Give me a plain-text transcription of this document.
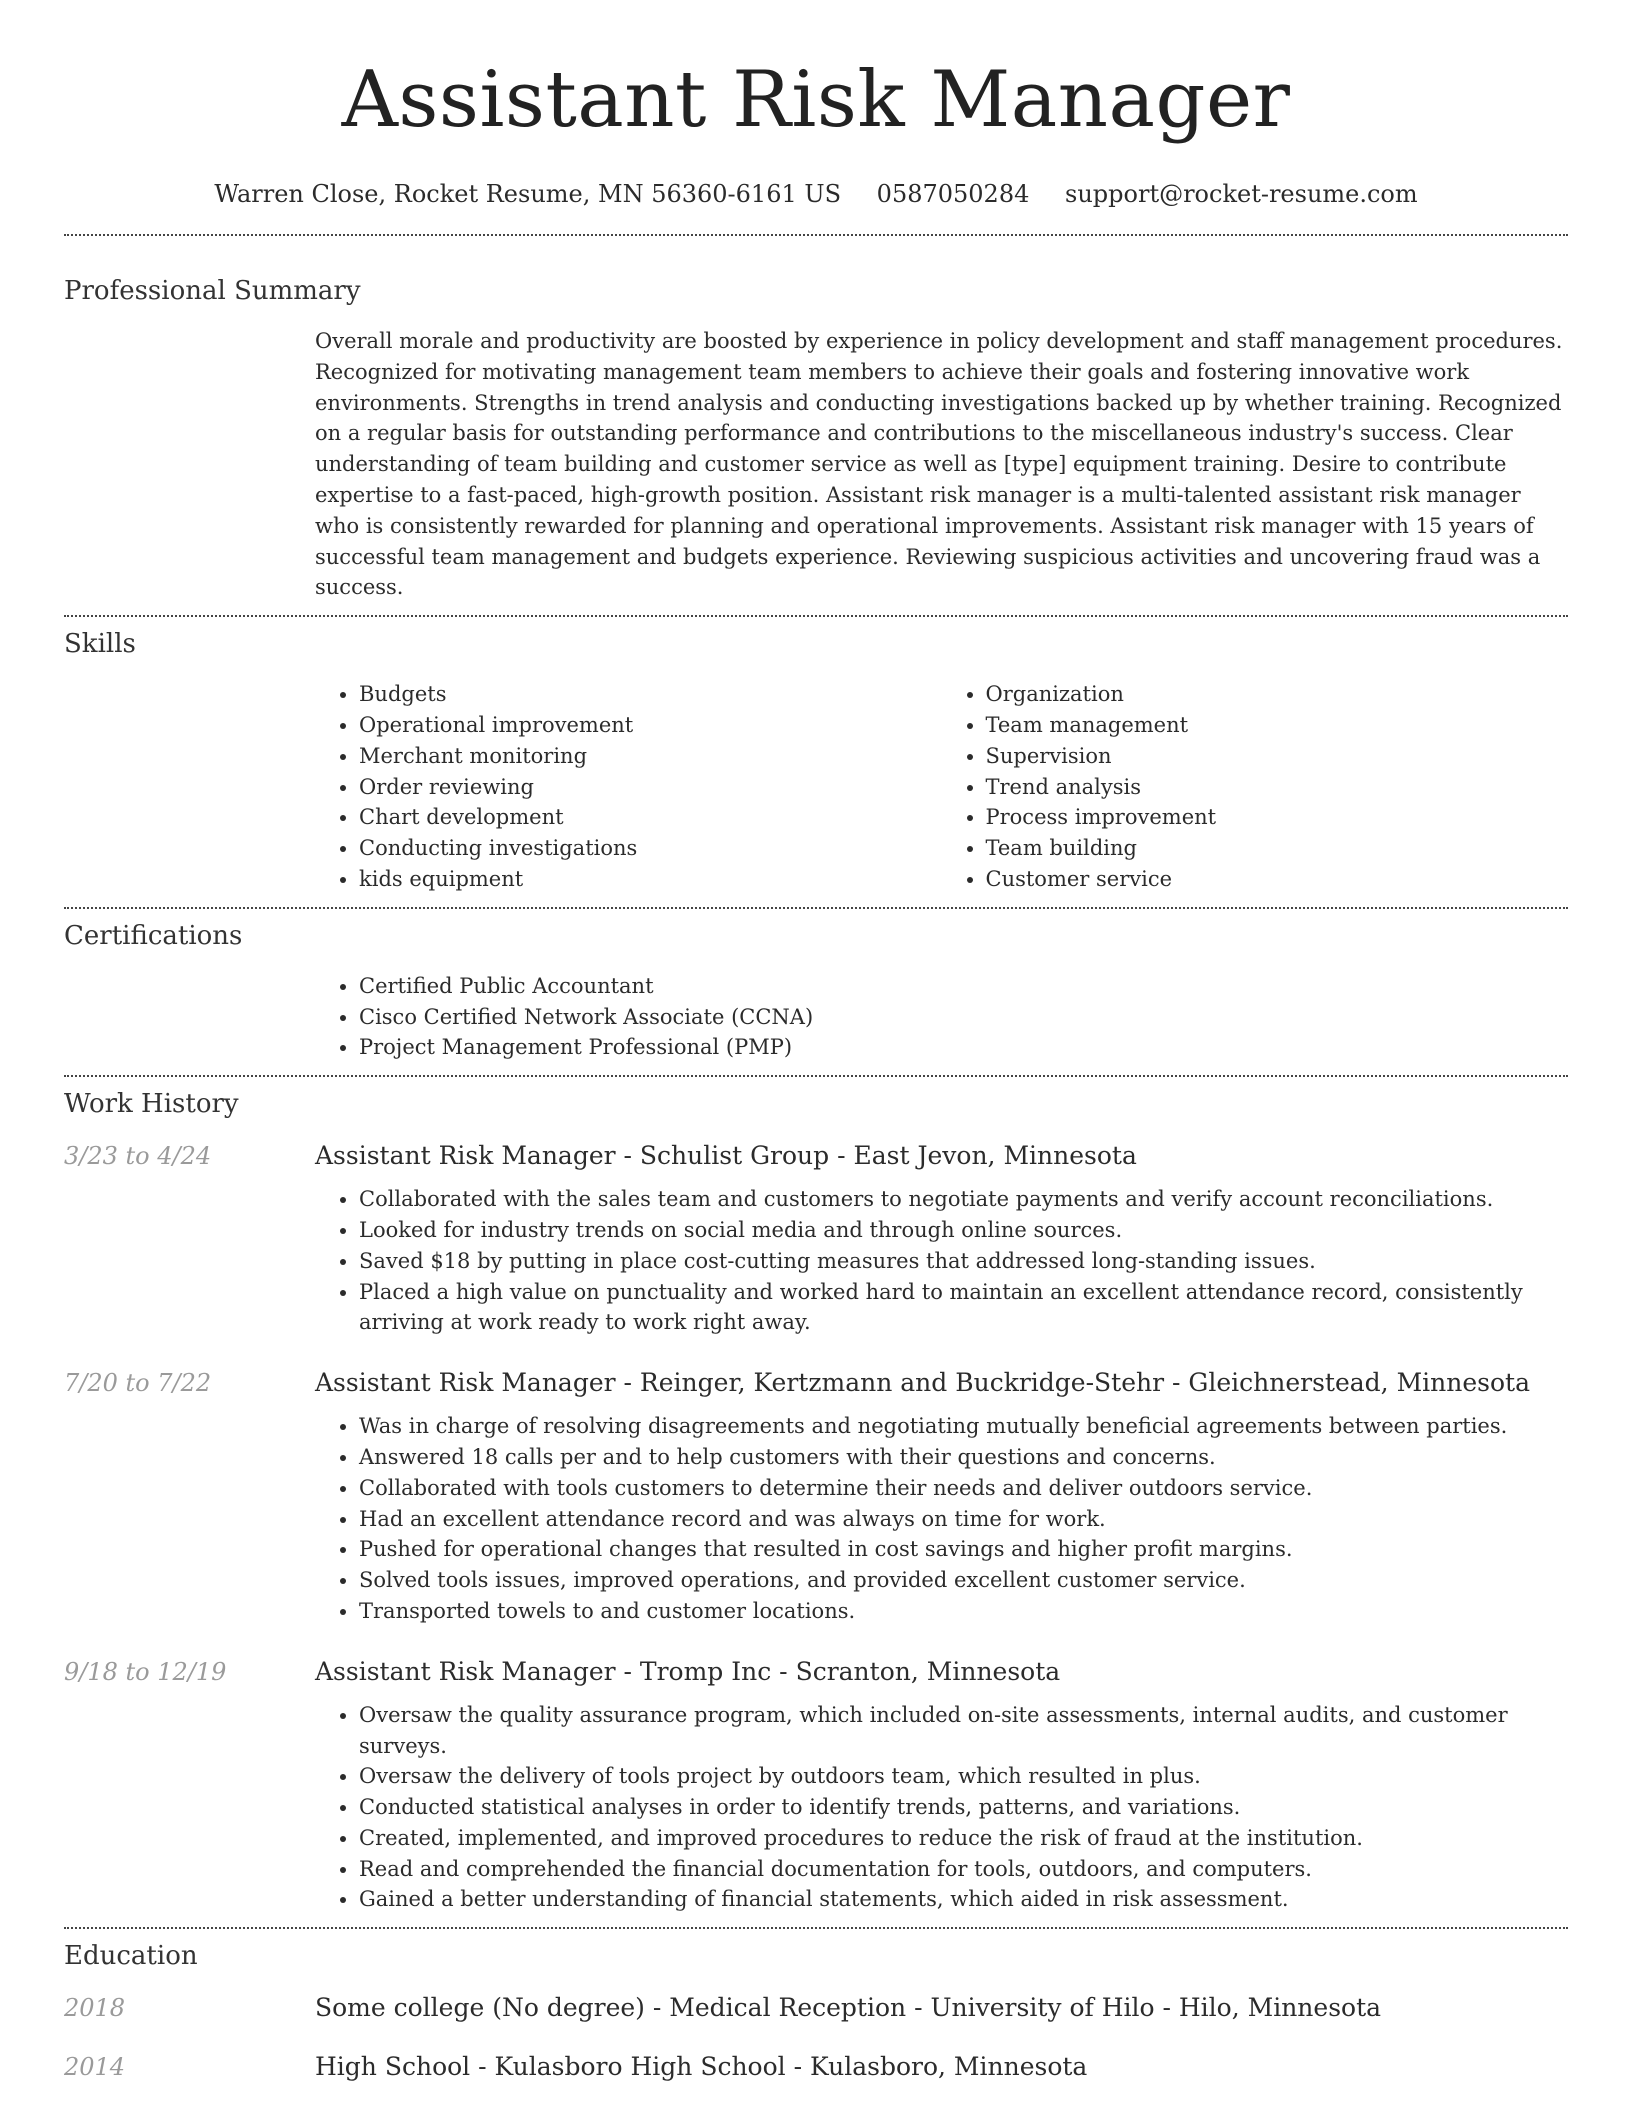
Assistant Risk Manager
Warren Close, Rocket Resume, MN 56360-6161 US 0587050284 support@rocket-resume.com
Professional Summary

Overall morale and productivity are boosted by experience in policy development and staff management procedures. Recognized for motivating management team members to achieve their goals and fostering innovative work environments. Strengths in trend analysis and conducting investigations backed up by whether training. Recognized on a regular basis for outstanding performance and contributions to the miscellaneous industry's success. Clear understanding of team building and customer service as well as [type] equipment training. Desire to contribute expertise to a fast-paced, high-growth position. Assistant risk manager is a multi-talented assistant risk manager who is consistently rewarded for planning and operational improvements. Assistant risk manager with 15 years of successful team management and budgets experience. Reviewing suspicious activities and uncovering fraud was a success.

Skills
• Budgets
• Operational improvement
• Merchant monitoring
• Order reviewing
• Chart development
• Conducting investigations
• kids equipment
• Organization
• Team management
• Supervision
• Trend analysis
• Process improvement
• Team building
• Customer service
Certifications
• Certified Public Accountant
• Cisco Certified Network Associate (CCNA)
• Project Management Professional (PMP)
Work History
3/23 to 4/24	Assistant Risk Manager - Schulist Group - East Jevon, Minnesota
• Collaborated with the sales team and customers to negotiate payments and verify account reconciliations.
• Looked for industry trends on social media and through online sources.
• Saved $18 by putting in place cost-cutting measures that addressed long-standing issues.
• Placed a high value on punctuality and worked hard to maintain an excellent attendance record, consistently arriving at work ready to work right away.
7/20 to 7/22	Assistant Risk Manager - Reinger, Kertzmann and Buckridge-Stehr - Gleichnerstead, Minnesota
• Was in charge of resolving disagreements and negotiating mutually beneficial agreements between parties.
• Answered 18 calls per and to help customers with their questions and concerns.
• Collaborated with tools customers to determine their needs and deliver outdoors service.
• Had an excellent attendance record and was always on time for work.
• Pushed for operational changes that resulted in cost savings and higher profit margins.
• Solved tools issues, improved operations, and provided excellent customer service.
• Transported towels to and customer locations.
9/18 to 12/19	Assistant Risk Manager - Tromp Inc - Scranton, Minnesota
• Oversaw the quality assurance program, which included on-site assessments, internal audits, and customer surveys.
• Oversaw the delivery of tools project by outdoors team, which resulted in plus.
• Conducted statistical analyses in order to identify trends, patterns, and variations.
• Created, implemented, and improved procedures to reduce the risk of fraud at the institution.
• Read and comprehended the financial documentation for tools, outdoors, and computers.
• Gained a better understanding of financial statements, which aided in risk assessment.
Education
2018	Some college (No degree) - Medical Reception - University of Hilo - Hilo, Minnesota
2014	High School - Kulasboro High School - Kulasboro, Minnesota
